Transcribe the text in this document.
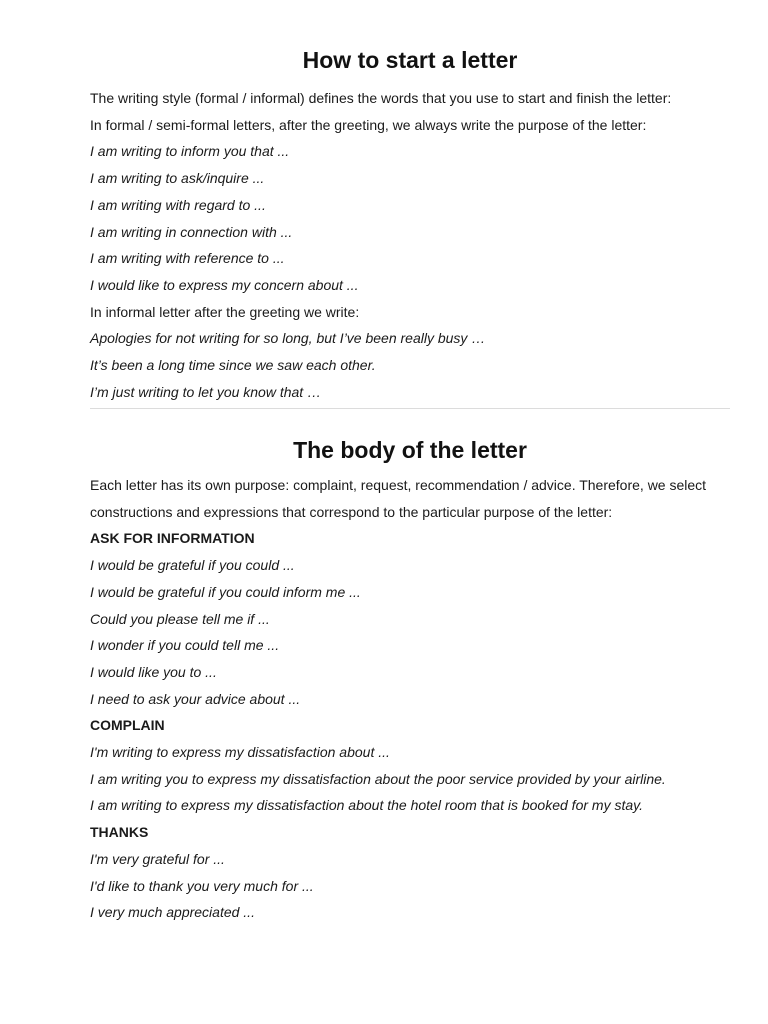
How to start a letter
The writing style (formal / informal) defines the words that you use to start and finish the letter:
In formal / semi-formal letters, after the greeting, we always write the purpose of the letter:
I am writing to inform you that ...
I am writing to ask/inquire ...
I am writing with regard to ...
I am writing in connection with ...
I am writing with reference to ...
I would like to express my concern about ...
In informal letter after the greeting we write:
Apologies for not writing for so long, but I’ve been really busy …
It’s been a long time since we saw each other.
I’m just writing to let you know that …
The body of the letter
Each letter has its own purpose: complaint, request, recommendation / advice. Therefore, we select constructions and expressions that correspond to the particular purpose of the letter:
ASK FOR INFORMATION
I would be grateful if you could ...
I would be grateful if you could inform me ...
Could you please tell me if ...
I wonder if you could tell me ...
I would like you to ...
I need to ask your advice about ...
COMPLAIN
I'm writing to express my dissatisfaction about ...
I am writing you to express my dissatisfaction about the poor service provided by your airline.
I am writing to express my dissatisfaction about the hotel room that is booked for my stay.
THANKS
I'm very grateful for ...
I'd like to thank you very much for ...
I very much appreciated ...
